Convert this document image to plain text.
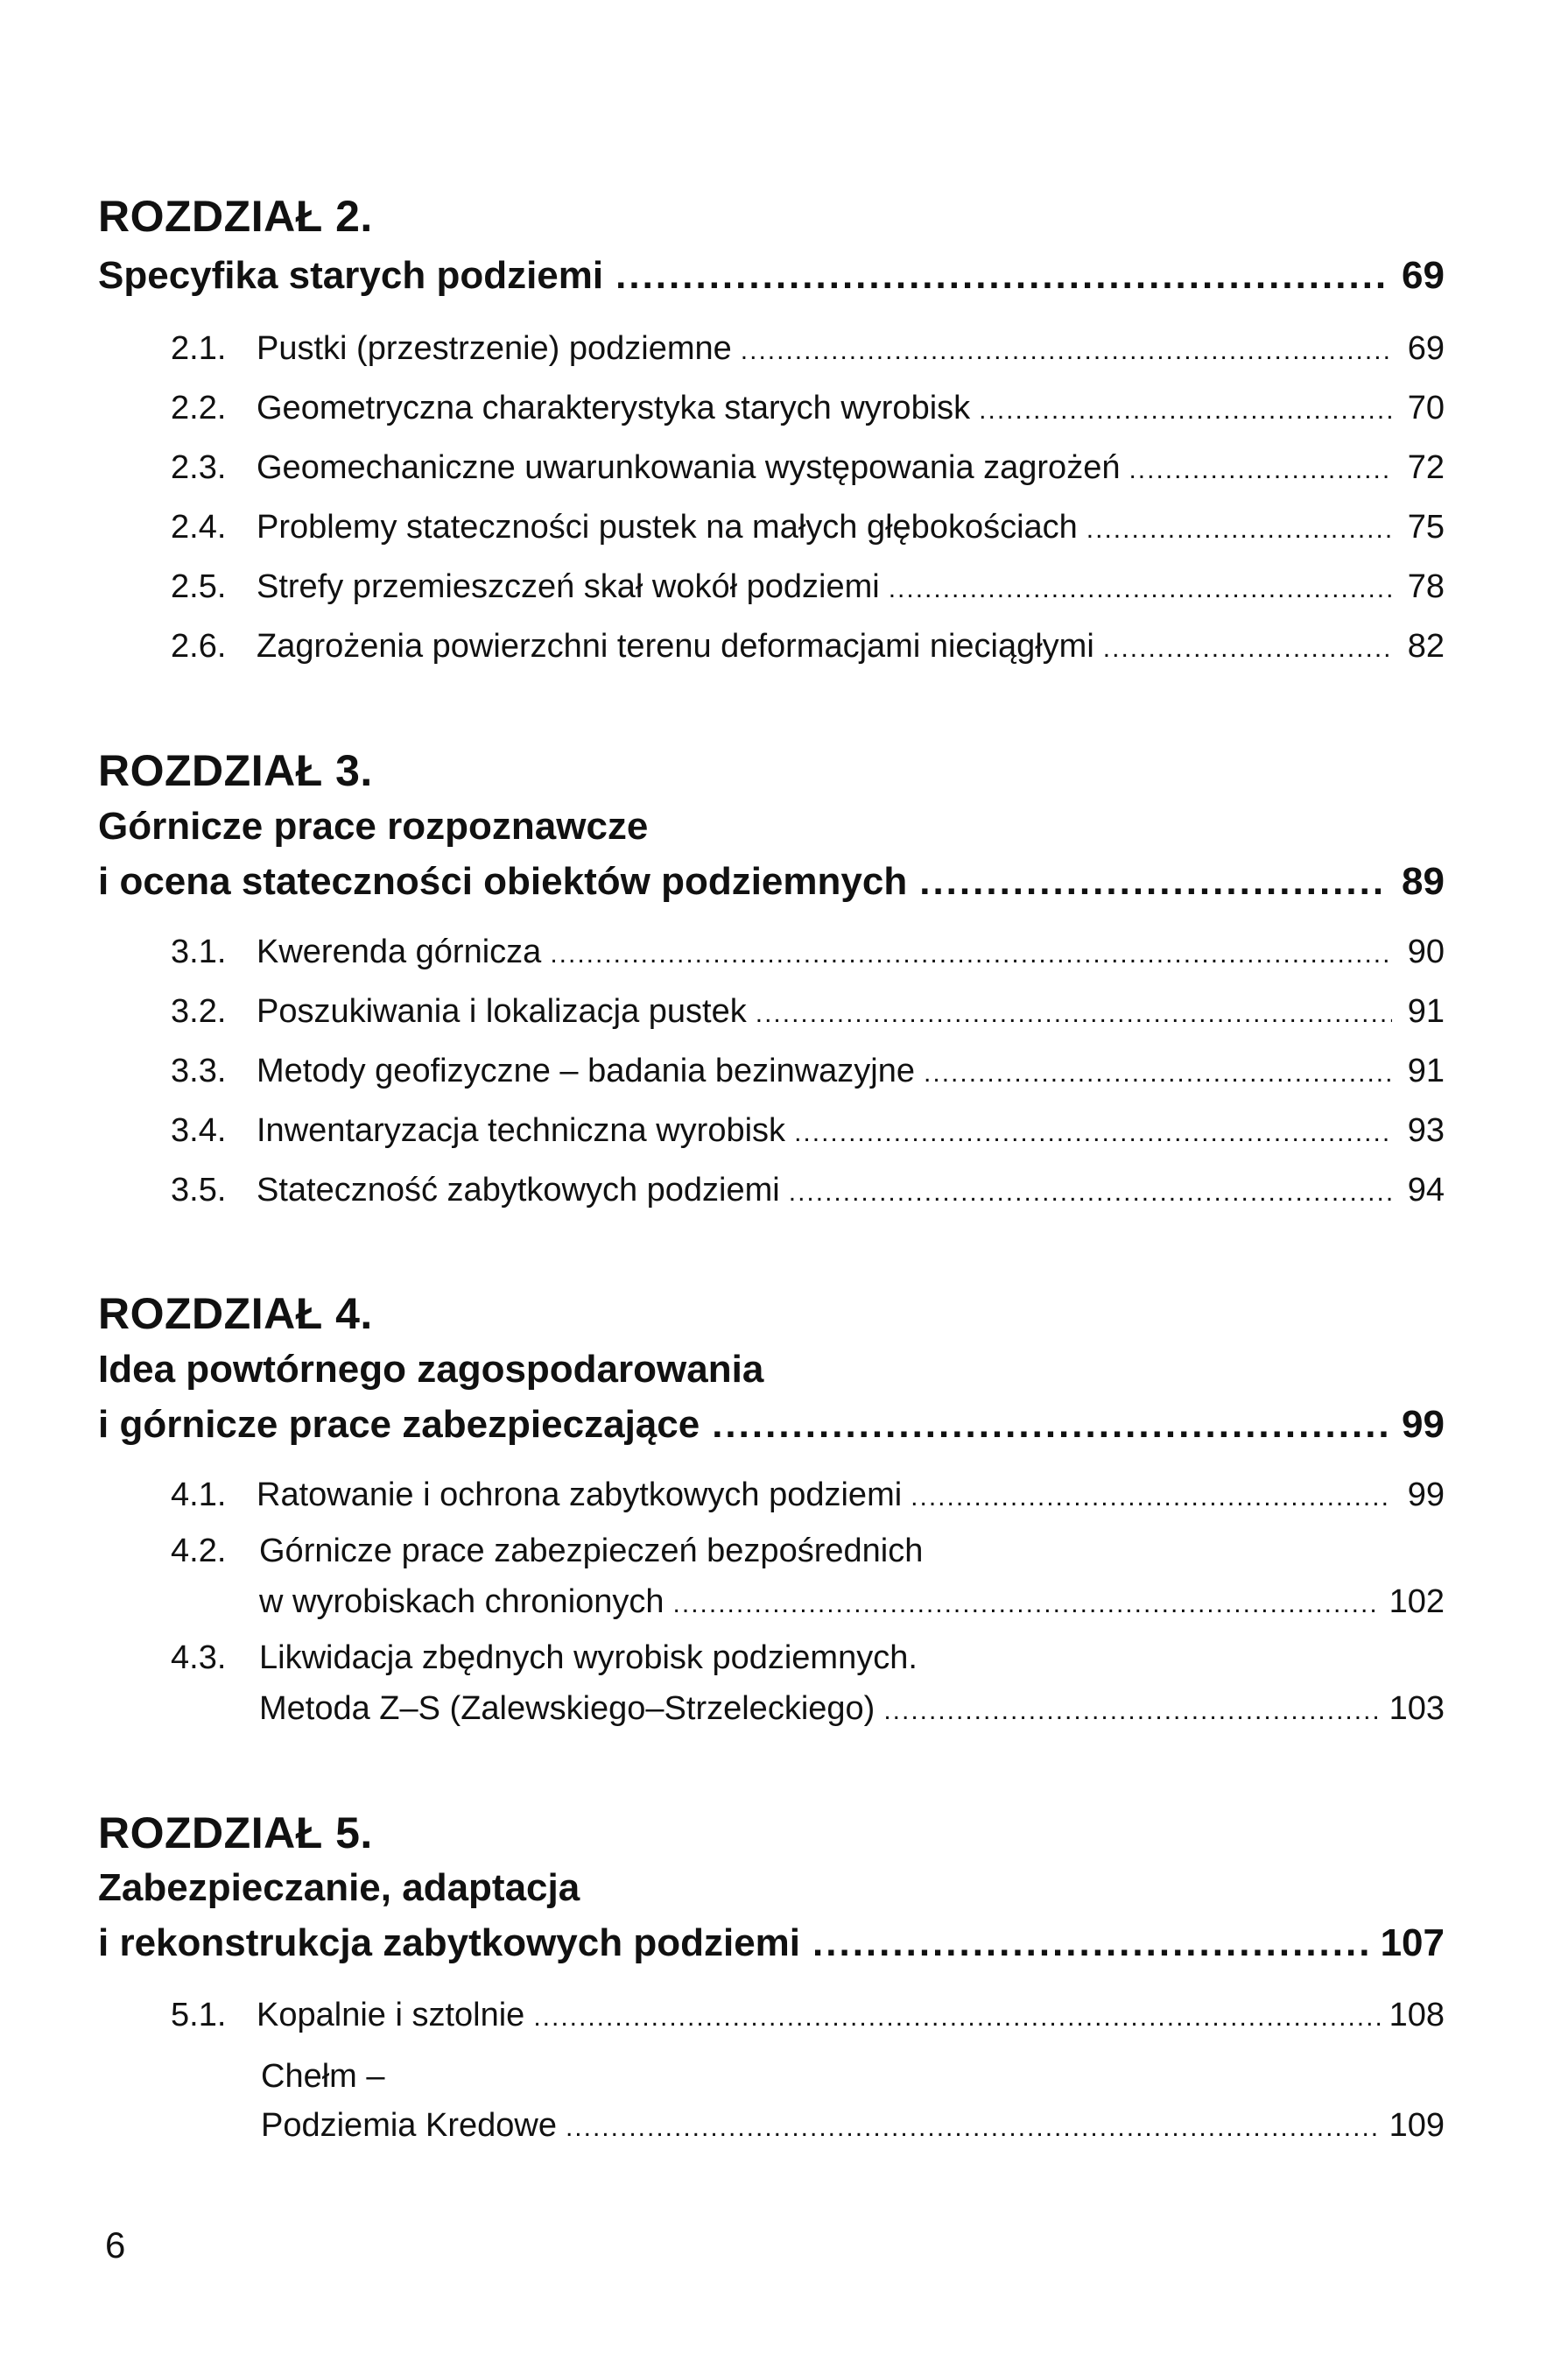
ROZDZIAŁ 2.
Specyfika starych podziemi .....	69
2.1. Pustki (przestrzenie) podziemne .....	69
2.2. Geometryczna charakterystyka starych wyrobisk .....	70
2.3. Geomechaniczne uwarunkowania występowania zagrożeń .....	72
2.4. Problemy stateczności pustek na małych głębokościach .....	75
2.5. Strefy przemieszczeń skał wokół podziemi .....	78
2.6. Zagrożenia powierzchni terenu deformacjami nieciągłymi .....	82
ROZDZIAŁ 3.
Górnicze prace rozpoznawcze
i ocena stateczności obiektów podziemnych .....	89
3.1. Kwerenda górnicza .....	90
3.2. Poszukiwania i lokalizacja pustek .....	91
3.3. Metody geofizyczne – badania bezinwazyjne .....	91
3.4. Inwentaryzacja techniczna wyrobisk .....	93
3.5. Stateczność zabytkowych podziemi .....	94
ROZDZIAŁ 4.
Idea powtórnego zagospodarowania
i górnicze prace zabezpieczające .....	99
4.1. Ratowanie i ochrona zabytkowych podziemi .....	99
4.2. Górnicze prace zabezpieczeń bezpośrednich
w wyrobiskach chronionych .....	102
4.3. Likwidacja zbędnych wyrobisk podziemnych.
Metoda Z–S (Zalewskiego–Strzeleckiego) .....	103
ROZDZIAŁ 5.
Zabezpieczanie, adaptacja
i rekonstrukcja zabytkowych podziemi .....	107
5.1. Kopalnie i sztolnie .....	108
Chełm –
Podziemia Kredowe .....	109
6
